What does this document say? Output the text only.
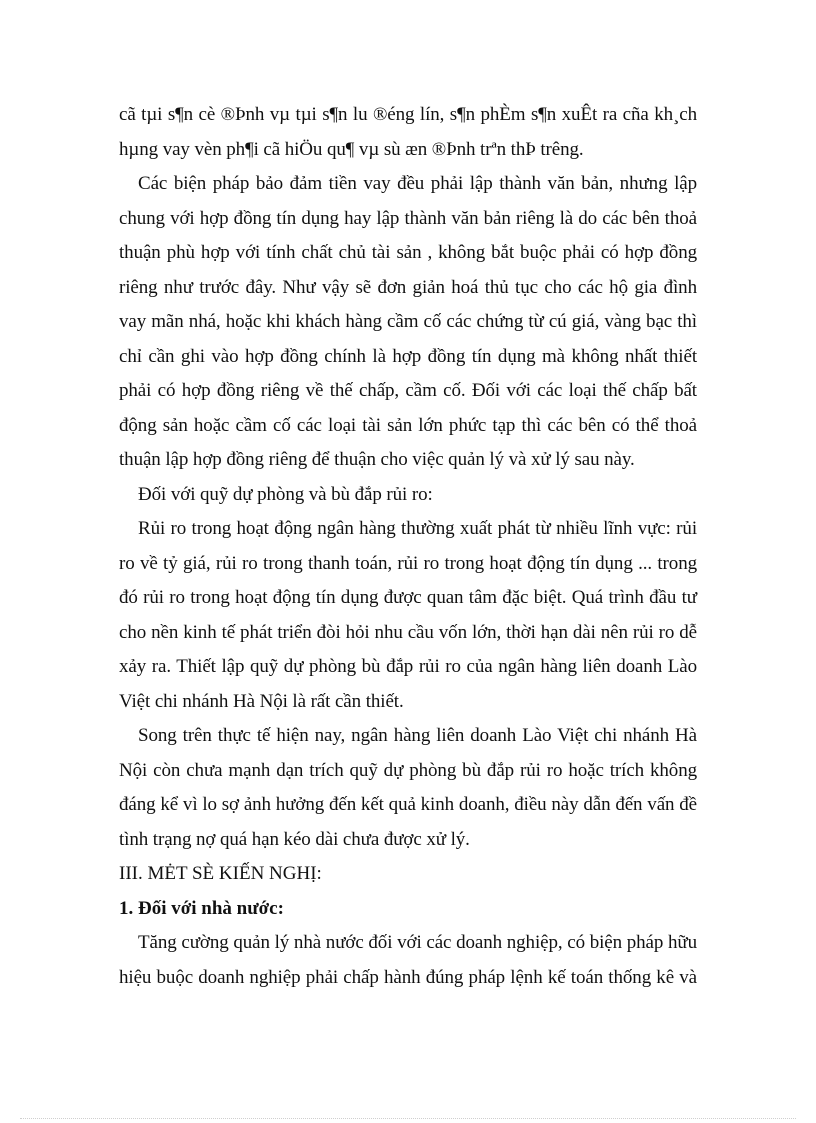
cã tµi s¶n cè ®Þnh vµ tµi s¶n lu ®éng lín, s¶n phÈm s¶n xuÊt ra cña kh¸ch
hµng vay vèn ph¶i cã hiÖu qu¶ vµ sù æn ®Þnh trªn thÞ trêng.
Các biện pháp bảo đảm tiền vay đều phải lập thành văn bản, nhưng lập
chung với hợp đồng tín dụng hay lập thành văn bản riêng là do các bên thoả
thuận phù hợp với tính chất chủ tài sản , không bắt buộc phải có hợp đồng
riêng như trước đây. Như vậy sẽ đơn giản hoá thủ tục cho các hộ gia đình
vay mãn nhá, hoặc khi khách hàng cầm cố các chứng từ cú giá, vàng bạc thì
chỉ cần ghi vào hợp đồng chính là hợp đồng tín dụng mà không nhất thiết
phải có hợp đồng riêng về thế chấp, cầm cố. Đối với các loại thế chấp bất
động sản hoặc cầm cố các loại tài sản lớn phức tạp thì các bên có thể thoả
thuận lập hợp đồng riêng để thuận cho việc quản lý và xử lý sau này.
Đối với quỹ dự phòng và bù đắp rủi ro:
Rủi ro trong hoạt động ngân hàng thường xuất phát từ nhiều lĩnh vực: rủi
ro về tỷ giá, rủi ro trong thanh toán, rủi ro trong hoạt động tín dụng ... trong
đó rủi ro trong hoạt động tín dụng được quan tâm đặc biệt. Quá trình đầu tư
cho nền kinh tế phát triển đòi hỏi nhu cầu vốn lớn, thời hạn dài nên rủi ro dễ
xảy ra. Thiết lập quỹ dự phòng bù đắp rủi ro của ngân hàng liên doanh Lào
Việt chi nhánh Hà Nội là rất cần thiết.
Song trên thực tế hiện nay, ngân hàng liên doanh Lào Việt chi nhánh Hà
Nội còn chưa mạnh dạn trích quỹ dự phòng bù đắp rủi ro hoặc trích không
đáng kể vì lo sợ ảnh hưởng đến kết quả kinh doanh, điều này dẫn đến vấn đề
tình trạng nợ quá hạn kéo dài chưa được xử lý.
III. MĖT SÈ KIẾN NGHỊ:
1. Đối với nhà nước:
Tăng cường quản lý nhà nước đối với các doanh nghiệp, có biện pháp hữu
hiệu buộc doanh nghiệp phải chấp hành đúng pháp lệnh kế toán thống kê và
